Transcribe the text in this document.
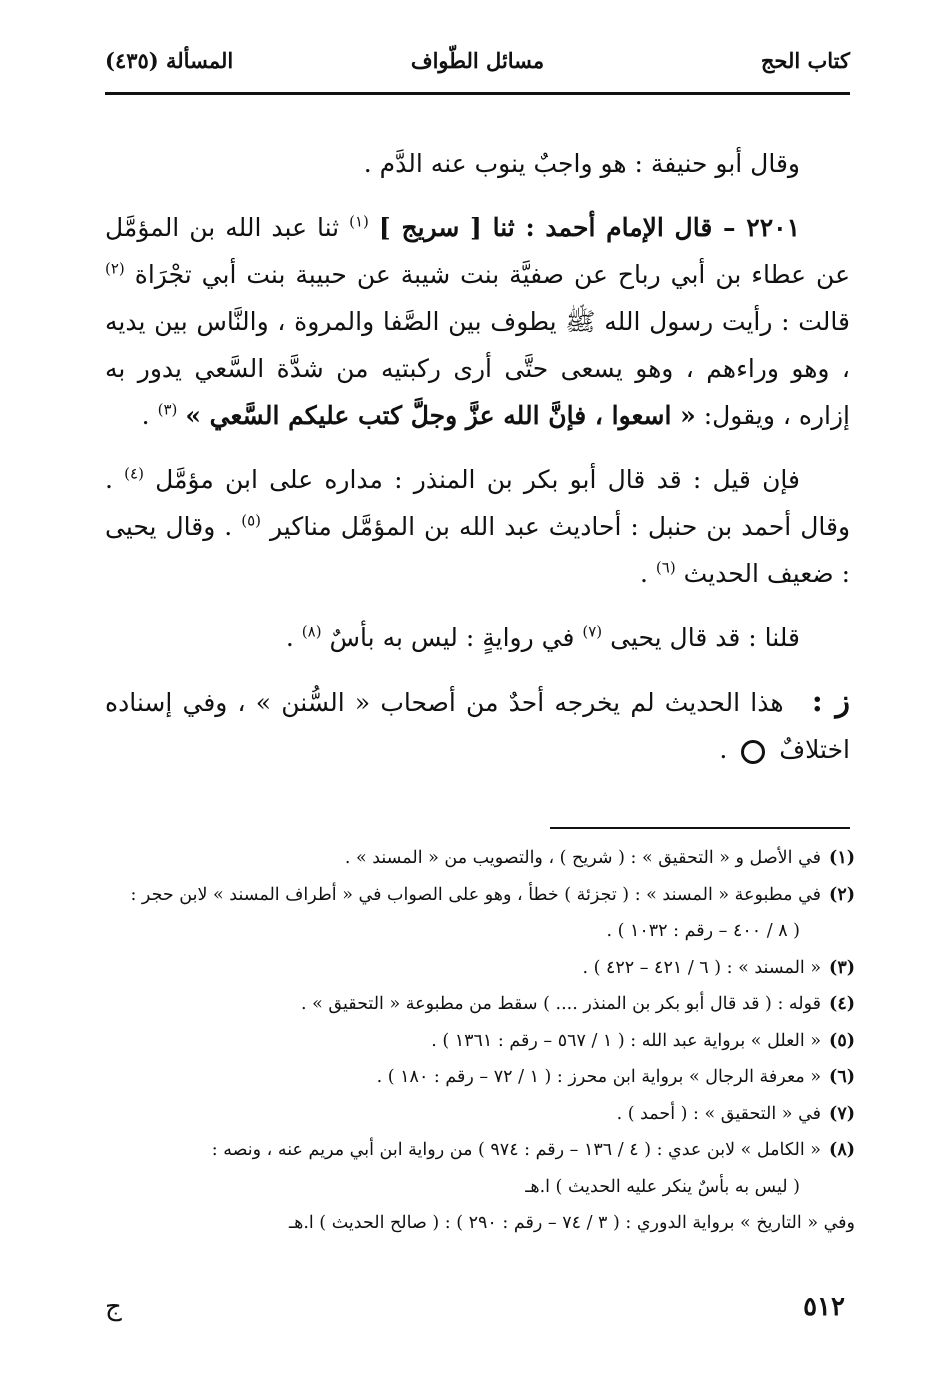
كتاب الحج
مسائل الطّواف
المسألة (٤٣٥)

وقال أبو حنيفة : هو واجبٌ ينوب عنه الدَّم .

٢٢٠١ – قال الإمام أحمد : ثنا [ سريج ] $^{(١)}$ ثنا عبد الله بن المؤمَّل عن عطاء بن أبي رباح عن صفيَّة بنت شيبة عن حبيبة بنت أبي تجْرَاة $^{(٢)}$ قالت : رأيت رسول الله ﷺ يطوف بين الصَّفا والمروة ، والنَّاس بين يديه ، وهو وراءهم ، وهو يسعى حتَّى أرى ركبتيه من شدَّة السَّعي يدور به إزاره ، ويقول: « اسعوا ، فإنَّ الله عزَّ وجلَّ كتب عليكم السَّعي » $^{(٣)}$ .

فإن قيل : قد قال أبو بكر بن المنذر : مداره على ابن مؤمَّل $^{(٤)}$ . وقال أحمد بن حنبل : أحاديث عبد الله بن المؤمَّل مناكير $^{(٥)}$ . وقال يحيى : ضعيف الحديث $^{(٦)}$ .

قلنا : قد قال يحيى $^{(٧)}$ في روايةٍ : ليس به بأسٌ $^{(٨)}$ .

ز : هذا الحديث لم يخرجه أحدٌ من أصحاب « السُّنن » ، وفي إسناده اختلافٌ  .

(١)في الأصل و « التحقيق » : ( شريح ) ، والتصويب من « المسند » .

(٢)في مطبوعة « المسند » : ( تجزئة ) خطأ ، وهو على الصواب في « أطراف المسند » لابن حجر :

( ٨ / ٤٠٠ – رقم : ١٠٣٢ ) .

(٣)« المسند » : ( ٦ / ٤٢١ – ٤٢٢ ) .

(٤)قوله : ( قد قال أبو بكر بن المنذر .... ) سقط من مطبوعة « التحقيق » .

(٥)« العلل » برواية عبد الله : ( ١ / ٥٦٧ – رقم : ١٣٦١ ) .

(٦)« معرفة الرجال » برواية ابن محرز : ( ١ / ٧٢ – رقم : ١٨٠ ) .

(٧)في « التحقيق » : ( أحمد ) .

(٨)« الكامل » لابن عدي : ( ٤ / ١٣٦ – رقم : ٩٧٤ ) من رواية ابن أبي مريم عنه ، ونصه :

( ليس به بأسٌ ينكر عليه الحديث ) ا.هـ

وفي « التاريخ » برواية الدوري : ( ٣ / ٧٤ – رقم : ٢٩٠ ) : ( صالح الحديث ) ا.هـ

٥١٢
ج
